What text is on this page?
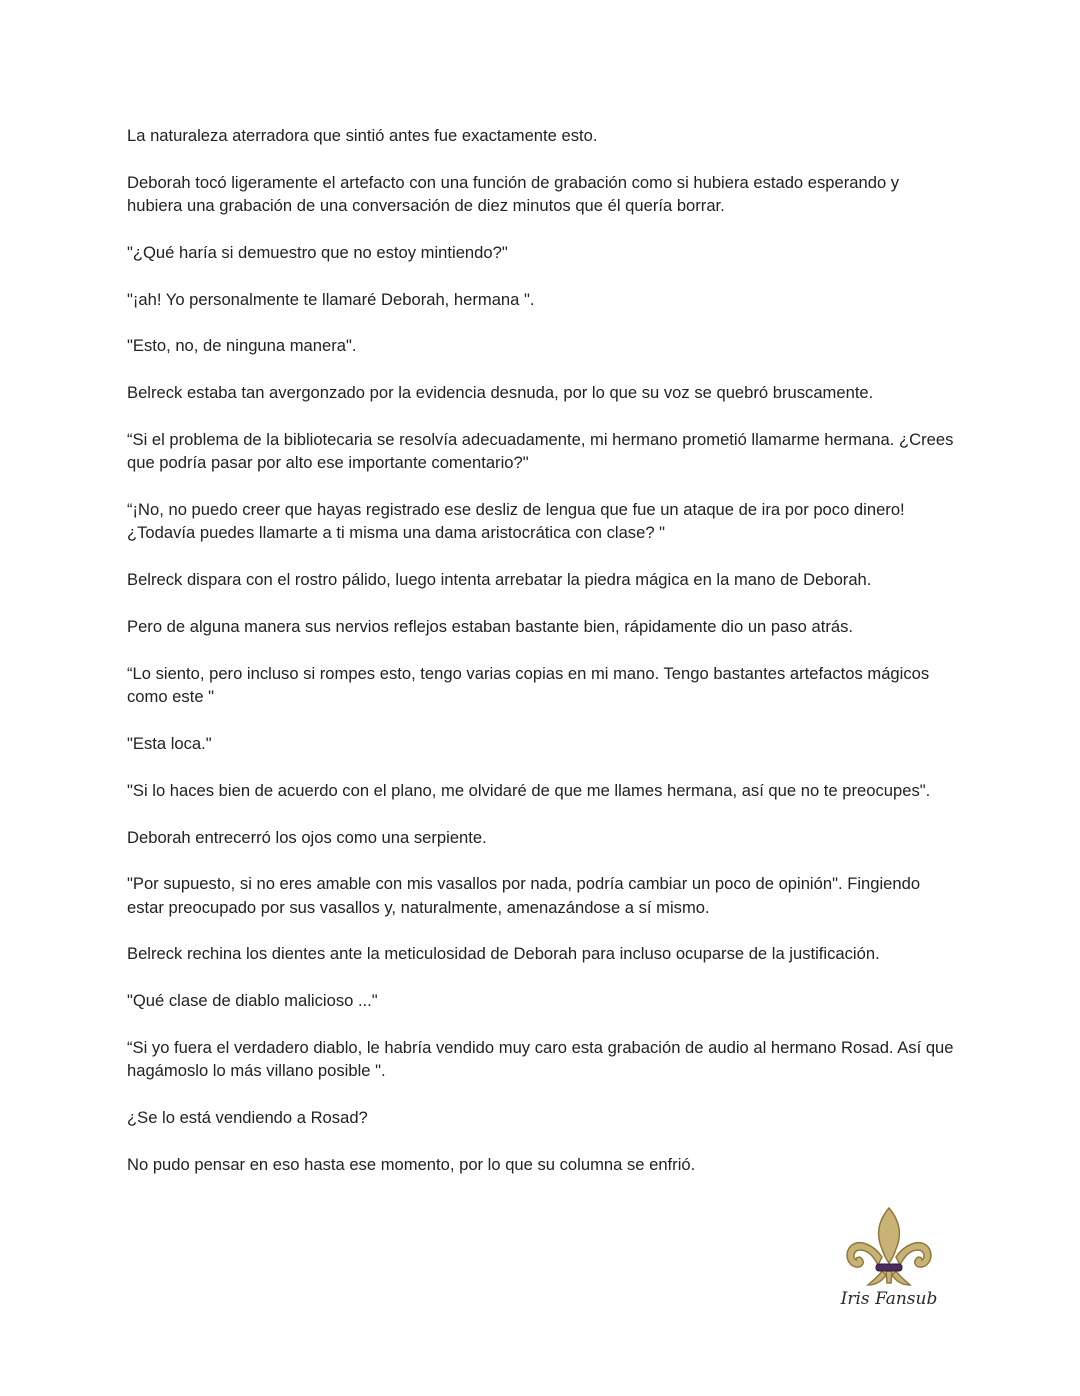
La naturaleza aterradora que sintió antes fue exactamente esto.

Deborah tocó ligeramente el artefacto con una función de grabación como si hubiera estado esperando y hubiera una grabación de una conversación de diez minutos que él quería borrar.

"¿Qué haría si demuestro que no estoy mintiendo?"

"¡ah! Yo personalmente te llamaré Deborah, hermana ".

"Esto, no, de ninguna manera".

Belreck estaba tan avergonzado por la evidencia desnuda, por lo que su voz se quebró bruscamente.

“Si el problema de la bibliotecaria se resolvía adecuadamente, mi hermano prometió llamarme hermana. ¿Crees que podría pasar por alto ese importante comentario?"

“¡No, no puedo creer que hayas registrado ese desliz de lengua que fue un ataque de ira por poco dinero! ¿Todavía puedes llamarte a ti misma una dama aristocrática con clase? "

Belreck dispara con el rostro pálido, luego intenta arrebatar la piedra mágica en la mano de Deborah.

Pero de alguna manera sus nervios reflejos estaban bastante bien, rápidamente dio un paso atrás.

“Lo siento, pero incluso si rompes esto, tengo varias copias en mi mano. Tengo bastantes artefactos mágicos como este "

"Esta loca."

"Si lo haces bien de acuerdo con el plano, me olvidaré de que me llames hermana, así que no te preocupes".

Deborah entrecerró los ojos como una serpiente.

"Por supuesto, si no eres amable con mis vasallos por nada, podría cambiar un poco de opinión". Fingiendo estar preocupado por sus vasallos y, naturalmente, amenazándose a sí mismo.

Belreck rechina los dientes ante la meticulosidad de Deborah para incluso ocuparse de la justificación.

"Qué clase de diablo malicioso ..."

“Si yo fuera el verdadero diablo, le habría vendido muy caro esta grabación de audio al hermano Rosad. Así que hagámoslo lo más villano posible ".

¿Se lo está vendiendo a Rosad?

No pudo pensar en eso hasta ese momento, por lo que su columna se enfrió.

Iris Fansub
